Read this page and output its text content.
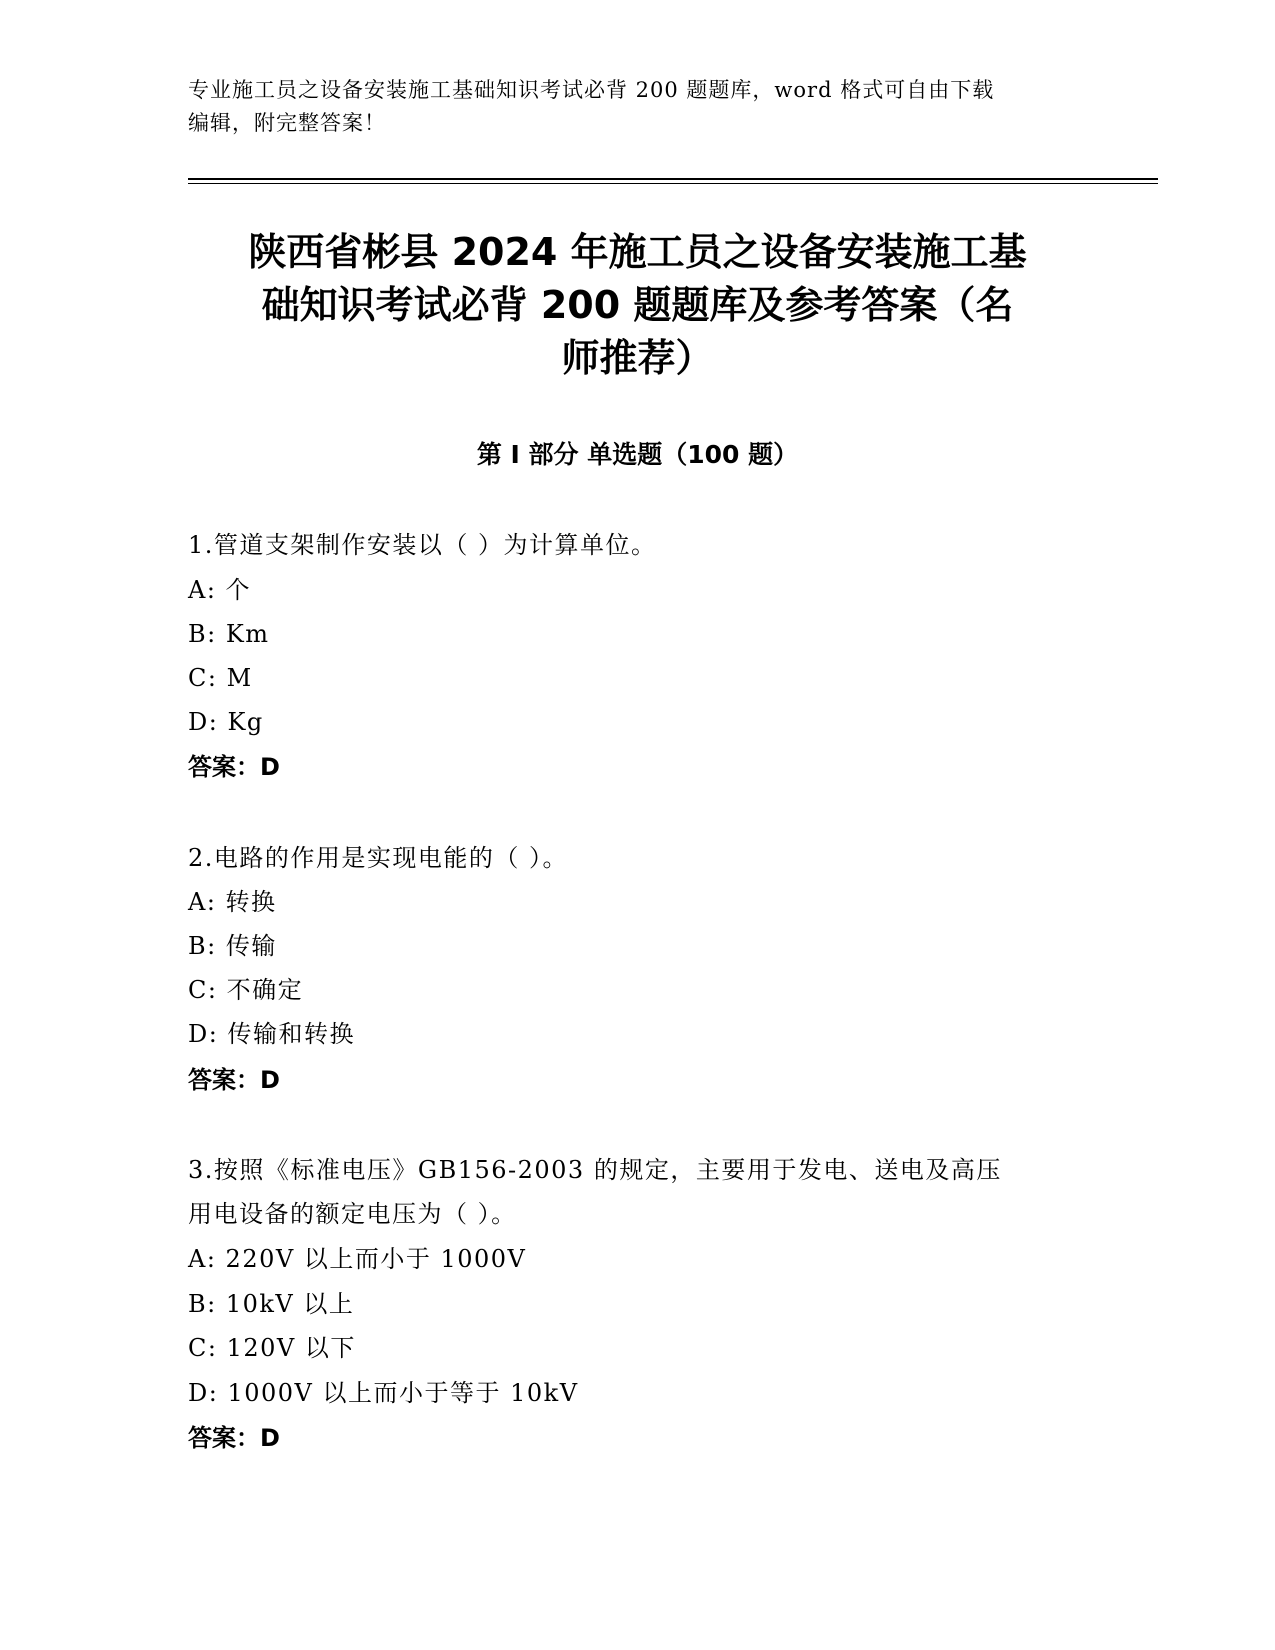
专业施工员之设备安装施工基础知识考试必背 200 题题库，word 格式可自由下载
编辑，附完整答案！
陕西省彬县 2024 年施工员之设备安装施工基
础知识考试必背 200 题题库及参考答案（名
师推荐）
第 I 部分 单选题（100 题）
1.管道支架制作安装以（ ）为计算单位。
A: 个
B: Km
C: M
D: Kg
答案：D
2.电路的作用是实现电能的（ ）。
A: 转换
B: 传输
C: 不确定
D: 传输和转换
答案：D
3.按照《标准电压》GB156-2003 的规定，主要用于发电、送电及高压
用电设备的额定电压为（ ）。
A: 220V 以上而小于 1000V
B: 10kV 以上
C: 120V 以下
D: 1000V 以上而小于等于 10kV
答案：D
